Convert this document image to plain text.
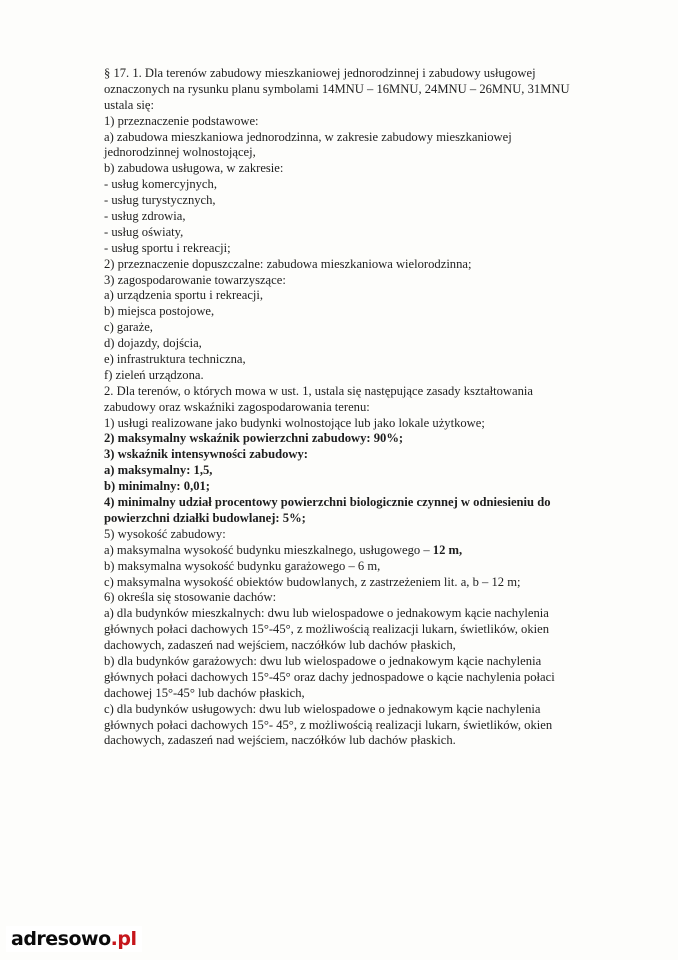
§ 17. 1. Dla terenów zabudowy mieszkaniowej jednorodzinnej i zabudowy usługowej
oznaczonych na rysunku planu symbolami 14MNU – 16MNU, 24MNU – 26MNU, 31MNU
ustala się:
1) przeznaczenie podstawowe:
a) zabudowa mieszkaniowa jednorodzinna, w zakresie zabudowy mieszkaniowej
jednorodzinnej wolnostojącej,
b) zabudowa usługowa, w zakresie:
- usług komercyjnych,
- usług turystycznych,
- usług zdrowia,
- usług oświaty,
- usług sportu i rekreacji;
2) przeznaczenie dopuszczalne: zabudowa mieszkaniowa wielorodzinna;
3) zagospodarowanie towarzyszące:
a) urządzenia sportu i rekreacji,
b) miejsca postojowe,
c) garaże,
d) dojazdy, dojścia,
e) infrastruktura techniczna,
f) zieleń urządzona.
2. Dla terenów, o których mowa w ust. 1, ustala się następujące zasady kształtowania
zabudowy oraz wskaźniki zagospodarowania terenu:
1) usługi realizowane jako budynki wolnostojące lub jako lokale użytkowe;
2) maksymalny wskaźnik powierzchni zabudowy: 90%;
3) wskaźnik intensywności zabudowy:
a) maksymalny: 1,5,
b) minimalny: 0,01;
4) minimalny udział procentowy powierzchni biologicznie czynnej w odniesieniu do
powierzchni działki budowlanej: 5%;
5) wysokość zabudowy:
a) maksymalna wysokość budynku mieszkalnego, usługowego – 12 m,
b) maksymalna wysokość budynku garażowego – 6 m,
c) maksymalna wysokość obiektów budowlanych, z zastrzeżeniem lit. a, b – 12 m;
6) określa się stosowanie dachów:
a) dla budynków mieszkalnych: dwu lub wielospadowe o jednakowym kącie nachylenia
głównych połaci dachowych 15°-45°, z możliwością realizacji lukarn, świetlików, okien
dachowych, zadaszeń nad wejściem, naczółków lub dachów płaskich,
b) dla budynków garażowych: dwu lub wielospadowe o jednakowym kącie nachylenia
głównych połaci dachowych 15°-45° oraz dachy jednospadowe o kącie nachylenia połaci
dachowej 15°-45° lub dachów płaskich,
c) dla budynków usługowych: dwu lub wielospadowe o jednakowym kącie nachylenia
głównych połaci dachowych 15°- 45°, z możliwością realizacji lukarn, świetlików, okien
dachowych, zadaszeń nad wejściem, naczółków lub dachów płaskich.
adresowo.pl
